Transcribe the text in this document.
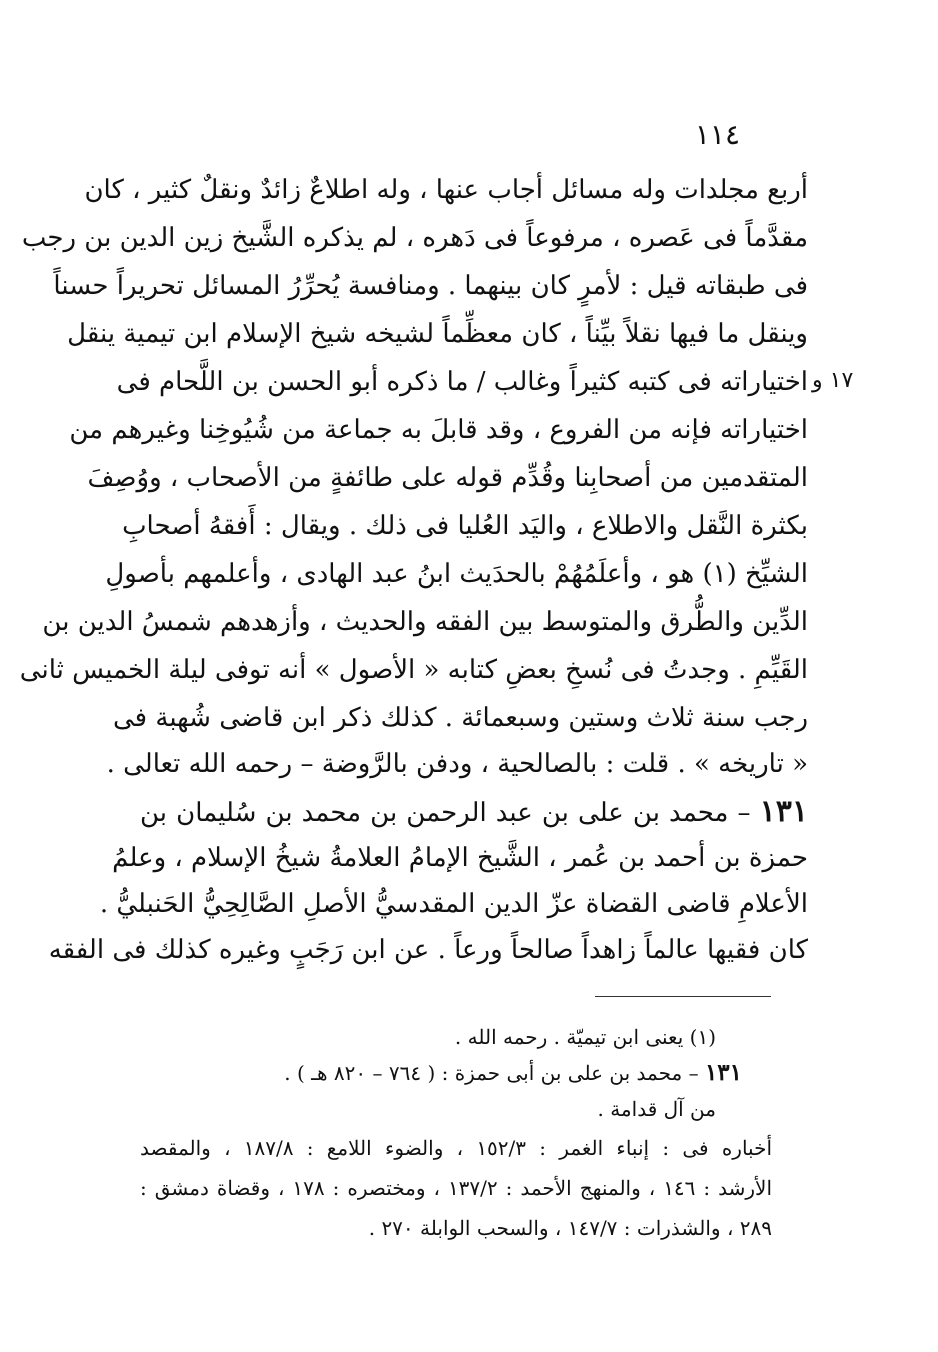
١١٤
أربع مجلدات وله مسائل أجاب عنها ، وله اطلاعٌ زائدٌ ونقلٌ كثير ، كان
مقدَّماً فى عَصره ، مرفوعاً فى دَهره ، لم يذكره الشَّيخ زين الدين بن رجب
فى طبقاته قيل : لأمرٍ كان بينهما . ومنافسة يُحرِّرُ المسائل تحريراً حسناً
وينقل ما فيها نقلاً بيِّناً ، كان معظِّماً لشيخه شيخ الإسلام ابن تيمية ينقل
اختياراته فى كتبه كثيراً وغالب / ما ذكره أبو الحسن بن اللَّحام فى ١٧ و
اختياراته فإنه من الفروع ، وقد قابلَ به جماعة من شُيُوخِنا وغيرهم من
المتقدمين من أصحابِنا وقُدِّم قوله على طائفةٍ من الأصحاب ، ووُصِفَ
بكثرة النَّقل والاطلاع ، واليَد العُليا فى ذلك . ويقال : أَفقهُ أصحابِ
الشيِّخ (١) هو ، وأعلَمُهُمْ بالحدَيث ابنُ عبد الهادى ، وأعلمهم بأصولِ
الدِّين والطُّرق والمتوسط بين الفقه والحديث ، وأزهدهم شمسُ الدين بن
القَيِّمِ . وجدتُ فى نُسخِ بعضِ كتابه « الأصول » أنه توفى ليلة الخميس ثانى
رجب سنة ثلاث وستين وسبعمائة . كذلك ذكر ابن قاضى شُهبة فى
« تاريخه » . قلت : بالصالحية ، ودفن بالرَّوضة – رحمه الله تعالى .
١٣١ – محمد بن على بن عبد الرحمن بن محمد بن سُليمان بن
حمزة بن أحمد بن عُمر ، الشَّيخ الإمامُ العلامةُ شيخُ الإسلام ، وعلمُ
الأعلامِ قاضى القضاة عزّ الدين المقدسيُّ الأصلِ الصَّالِحِيُّ الحَنبليُّ .
كان فقيها عالماً زاهداً صالحاً ورعاً . عن ابن رَجَبٍ وغيره كذلك فى الفقه
(١) يعنى ابن تيميّة . رحمه الله .
١٣١ – محمد بن على بن أبى حمزة : ( ٧٦٤ – ٨٢٠ هـ ) .
من آل قدامة .
أخباره فى : إنباء الغمر : ١٥٢/٣ ، والضوء اللامع : ١٨٧/٨ ، والمقصد
الأرشد : ١٤٦ ، والمنهج الأحمد : ١٣٧/٢ ، ومختصره : ١٧٨ ، وقضاة دمشق :
٢٨٩ ، والشذرات : ١٤٧/٧ ، والسحب الوابلة ٢٧٠ .
